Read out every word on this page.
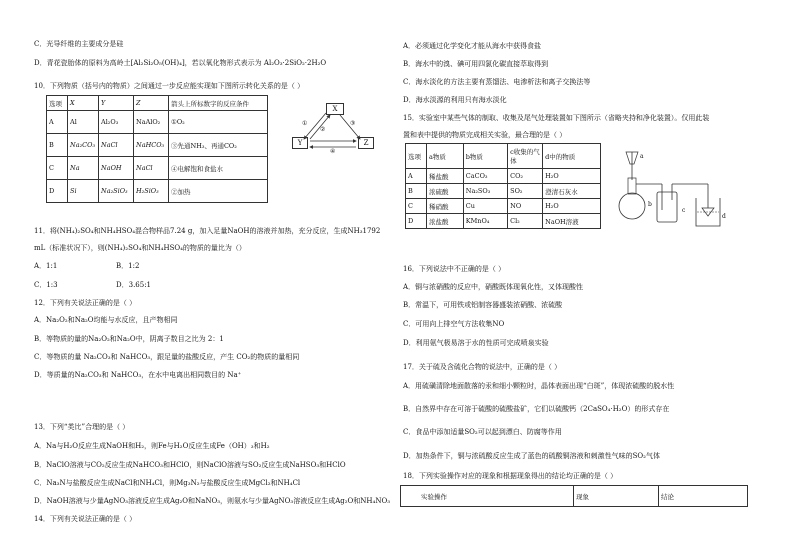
C．光导纤维的主要成分是硅
D．青花瓷胎体的原料为高岭土[Al₂Si₂O₅(OH)₄]，若以氧化物形式表示为 Al₂O₃·2SiO₂·2H₂O
10．下列物质（括号内的物质）之间通过一步反应能实现如下图所示转化关系的是（ ）
选项	X	Y	Z	箭头上所标数字的反应条件
A	Al	Al₂O₃	NaAlO₂	①O₂
B	Na₂CO₃	NaCl	NaHCO₃	③先通NH₃、再通CO₂
C	Na	NaOH	NaCl	④电解饱和食盐水
D	Si	Na₂SiO₃	H₂SiO₃	②加热
X
Y	Z
①
②
③
④
11．将(NH₄)₂SO₄和NH₄HSO₄混合物样品7.24 g，加入足量NaOH的溶液并加热，充分反应，生成NH₃1792
mL（标准状况下），则(NH₄)₂SO₄和NH₄HSO₄的物质的量比为（）
A．1:1	B．1:2
C．1:3	D．3.65:1
12．下列有关说法正确的是（ ）
A．Na₂O₂和Na₂O均能与水反应，且产物相同
B．等物质的量的Na₂O₂和Na₂O中，阴离子数目之比为 2：1
C．等物质的量 Na₂CO₃和 NaHCO₃，跟足量的盐酸反应，产生 CO₂的物质的量相同
D．等质量的Na₂CO₃和 NaHCO₃，在水中电离出相同数目的 Na⁺
13．下列“类比”合理的是（ ）
A．Na与H₂O反应生成NaOH和H₂，则Fe与H₂O反应生成Fe（OH）₃和H₂
B．NaClO溶液与CO₂反应生成NaHCO₃和HClO，则NaClO溶液与SO₂反应生成NaHSO₃和HClO
C．Na₃N与盐酸反应生成NaCl和NH₄Cl，则Mg₃N₂与盐酸反应生成MgCl₂和NH₄Cl
D．NaOH溶液与少量AgNO₃溶液反应生成Ag₂O和NaNO₃，则氨水与少量AgNO₃溶液反应生成Ag₂O和NH₄NO₃
14．下列有关说法正确的是（ ）
A．必须通过化学变化才能从海水中获得食盐
B．海水中的溴、碘可用四氯化碳直接萃取得到
C．海水淡化的方法主要有蒸馏法、电渗析法和离子交换法等
D．海水淡源的利用只有海水淡化
15．实验室中某些气体的制取、收集及尾气处理装置如下图所示（省略夹持和净化装置）。仅用此装
置和表中提供的物质完成相关实验，最合理的是（ ）
选项	a物质	b物质	c收集的气体	d中的物质
A	稀盐酸	CaCO₃	CO₂	H₂O
B	浓硫酸	Na₂SO₃	SO₂	澄清石灰水
C	稀硝酸	Cu	NO	H₂O
D	浓盐酸	KMnO₄	Cl₂	NaOH溶液
a
b
c
d
16．下列说法中不正确的是（ ）
A．铜与浓硝酸的反应中，硝酸既体现氧化性，又体现酸性
B．常温下，可用铁或铝制容器盛装浓硝酸、浓硫酸
C．可用向上排空气方法收集NO
D．利用氨气极易溶于水的性质可完成喷泉实验
17．关于硫及含硫化合物的说法中，正确的是（ ）
A．用硫磺清除地面散落的汞和细小颗粒时，晶体表面出现“白斑”，体现浓硫酸的脱水性
B．自然界中存在可溶于硫酸的硫酸盐矿，它们以硫酸钙（2CaSO₄·H₂O）的形式存在
C．食品中添加适量SO₂可以起到漂白、防腐等作用
D．加热条件下，铜与浓硫酸反应生成了蓝色的硫酸铜溶液和刺激性气味的SO₂气体
18．下列实验操作对应的现象和根据现象得出的结论均正确的是（ ）
实验操作	现象	结论
